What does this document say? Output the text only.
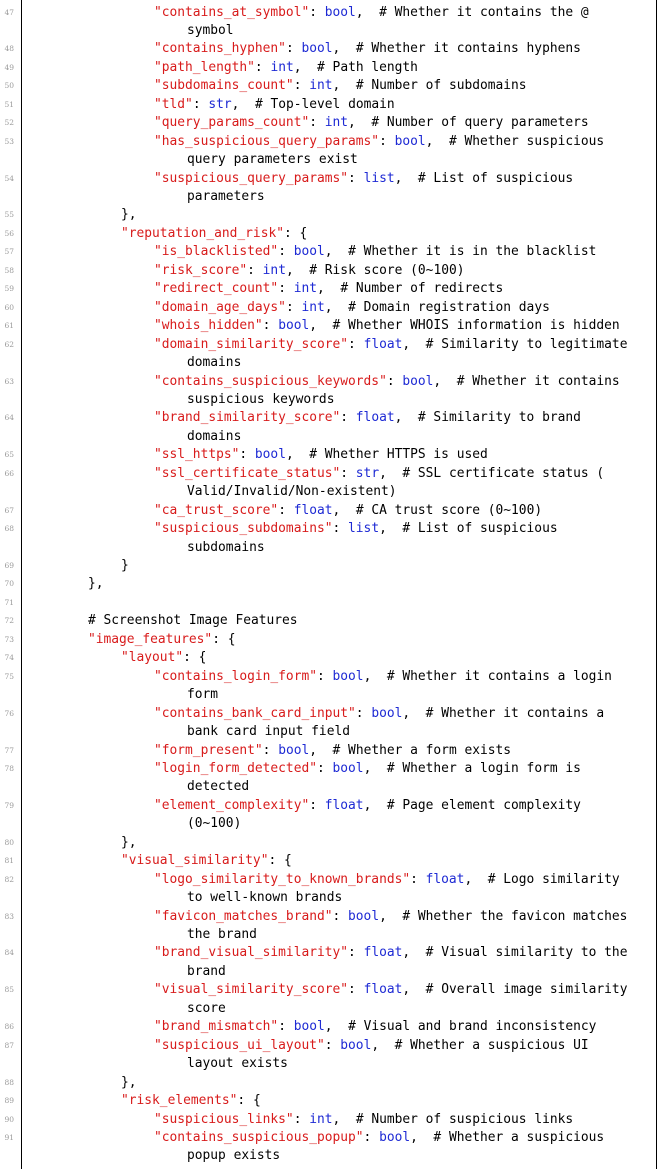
47	"contains_at_symbol": bool,  # Whether it contains the @
symbol
48	"contains_hyphen": bool,  # Whether it contains hyphens
49	"path_length": int,  # Path length
50	"subdomains_count": int,  # Number of subdomains
51	"tld": str,  # Top-level domain
52	"query_params_count": int,  # Number of query parameters
53	"has_suspicious_query_params": bool,  # Whether suspicious
query parameters exist
54	"suspicious_query_params": list,  # List of suspicious
parameters
55	},
56	"reputation_and_risk": {
57	"is_blacklisted": bool,  # Whether it is in the blacklist
58	"risk_score": int,  # Risk score (0~100)
59	"redirect_count": int,  # Number of redirects
60	"domain_age_days": int,  # Domain registration days
61	"whois_hidden": bool,  # Whether WHOIS information is hidden
62	"domain_similarity_score": float,  # Similarity to legitimate
domains
63	"contains_suspicious_keywords": bool,  # Whether it contains
suspicious keywords
64	"brand_similarity_score": float,  # Similarity to brand
domains
65	"ssl_https": bool,  # Whether HTTPS is used
66	"ssl_certificate_status": str,  # SSL certificate status (
Valid/Invalid/Non-existent)
67	"ca_trust_score": float,  # CA trust score (0~100)
68	"suspicious_subdomains": list,  # List of suspicious
subdomains
69	}
70	},
71
72	# Screenshot Image Features
73	"image_features": {
74	"layout": {
75	"contains_login_form": bool,  # Whether it contains a login
form
76	"contains_bank_card_input": bool,  # Whether it contains a
bank card input field
77	"form_present": bool,  # Whether a form exists
78	"login_form_detected": bool,  # Whether a login form is
detected
79	"element_complexity": float,  # Page element complexity
(0~100)
80	},
81	"visual_similarity": {
82	"logo_similarity_to_known_brands": float,  # Logo similarity
to well-known brands
83	"favicon_matches_brand": bool,  # Whether the favicon matches
the brand
84	"brand_visual_similarity": float,  # Visual similarity to the
brand
85	"visual_similarity_score": float,  # Overall image similarity
score
86	"brand_mismatch": bool,  # Visual and brand inconsistency
87	"suspicious_ui_layout": bool,  # Whether a suspicious UI
layout exists
88	},
89	"risk_elements": {
90	"suspicious_links": int,  # Number of suspicious links
91	"contains_suspicious_popup": bool,  # Whether a suspicious
popup exists
